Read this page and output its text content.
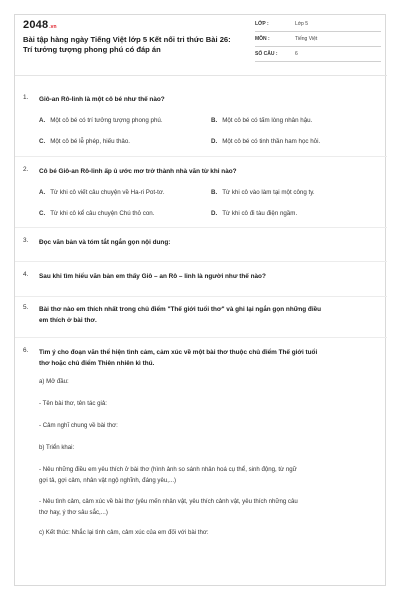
2048.vn
Bài tập hàng ngày Tiếng Việt lớp 5 Kết nối tri thức Bài 26:
Trí tưởng tượng phong phú có đáp án
LỚP :	Lớp 5
MÔN :	Tiếng Việt
SỐ CÂU :	6
1. Giô-an Rô-linh là một cô bé như thế nào?
A. Một cô bé có trí tưởng tượng phong phú.	B. Một cô bé có tấm lòng nhân hậu.
C. Một cô bé lễ phép, hiếu thảo.	D. Một cô bé có tinh thần ham học hỏi.
2. Cô bé Giô-an Rô-linh ấp ủ ước mơ trở thành nhà văn từ khi nào?
A. Từ khi cô viết câu chuyện về Ha-ri Pot-tơ.	B. Từ khi cô vào làm tại một công ty.
C. Từ khi cô kể câu chuyện Chú thỏ con.	D. Từ khi cô đi tàu điện ngầm.
3. Đọc văn bản và tóm tắt ngắn gọn nội dung:
4. Sau khi tìm hiểu văn bản em thấy Giô – an Rô – linh là người như thế nào?
5. Bài thơ nào em thích nhất trong chủ điểm "Thế giới tuổi thơ" và ghi lại ngắn gọn những điều
em thích ở bài thơ.
6. Tìm ý cho đoạn văn thể hiện tình cảm, cảm xúc về một bài thơ thuộc chủ điểm Thế giới tuổi
thơ hoặc chủ điểm Thiên nhiên kì thú.
a) Mở đầu:
- Tên bài thơ, tên tác giả:
- Cảm nghĩ chung về bài thơ:
b) Triển khai:
- Nêu những điều em yêu thích ở bài thơ (hình ảnh so sánh nhân hoá cụ thể, sinh động, từ ngữ
gợi tả, gợi cảm, nhân vật ngộ nghĩnh, đáng yêu,...)
- Nêu tình cảm, cảm xúc về bài thơ (yêu mến nhân vật, yêu thích cảnh vật, yêu thích những câu
thơ hay, ý thơ sâu sắc,...)
c) Kết thúc: Nhắc lại tình cảm, cảm xúc của em đối với bài thơ:
